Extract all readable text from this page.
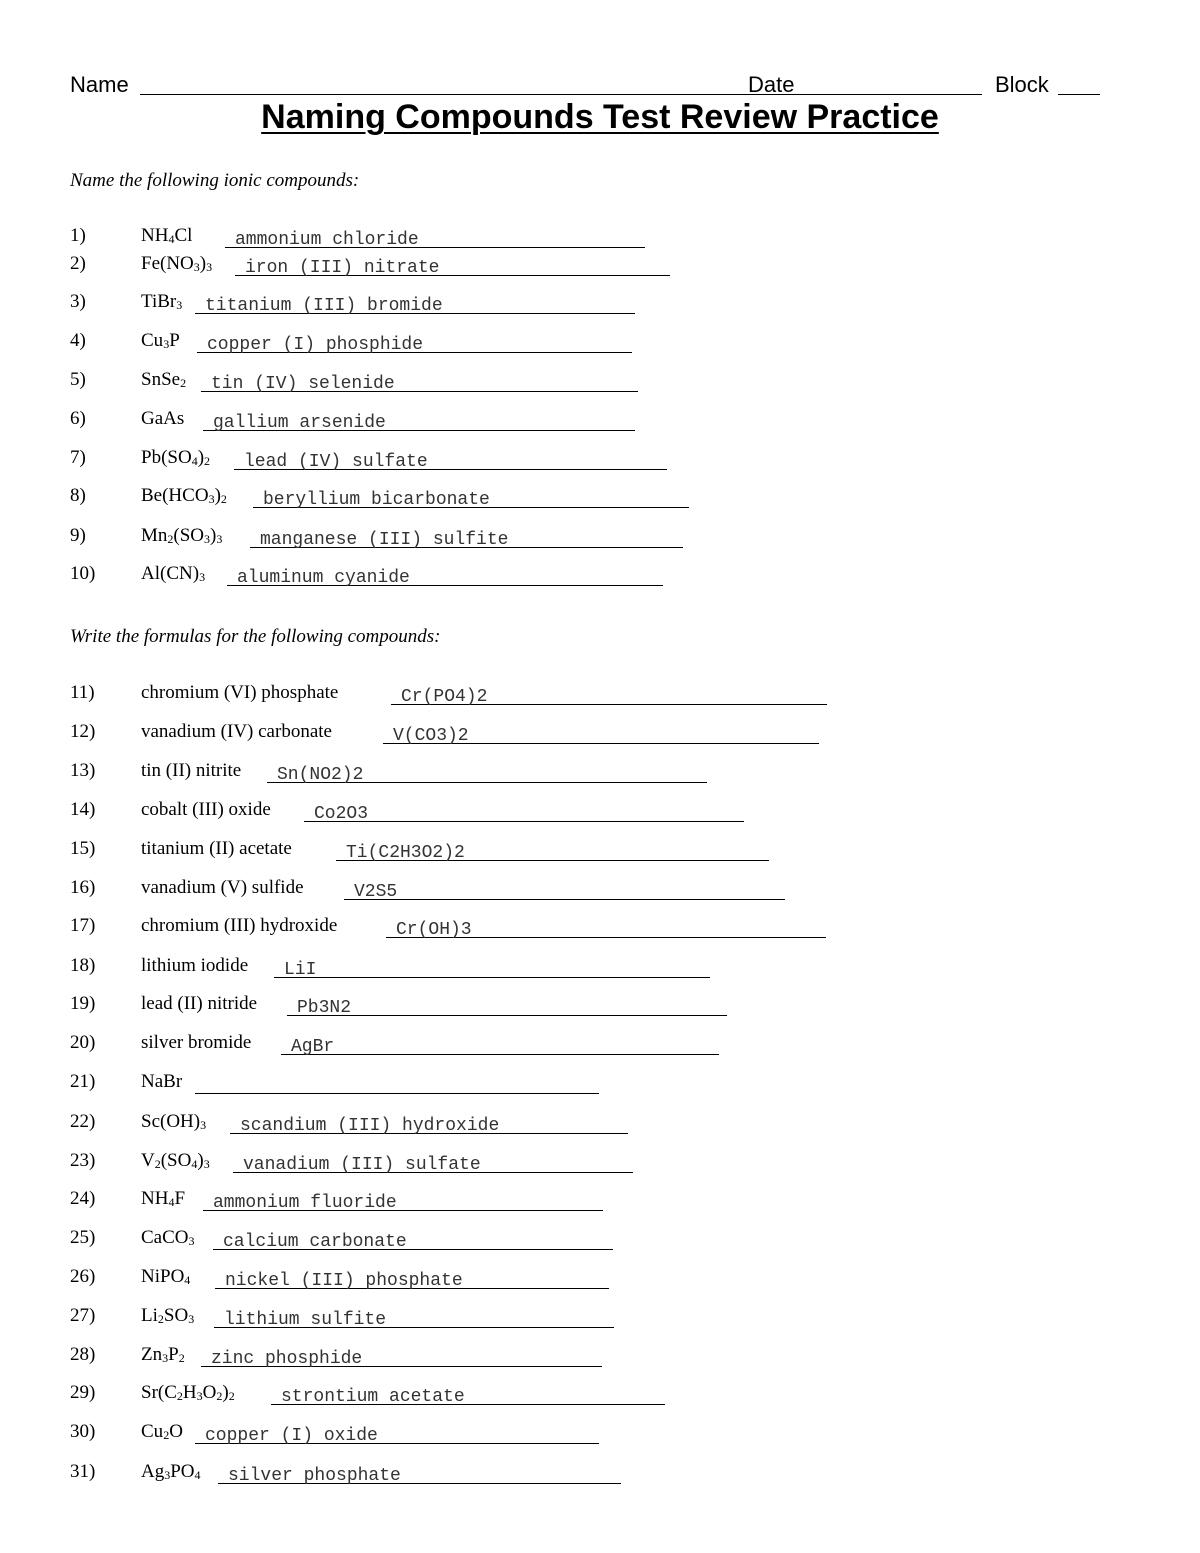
Name	Date	Block
Naming Compounds Test Review Practice
Name the following ionic compounds:
Write the formulas for the following compounds:
1)	$NH_4Cl$ ammonium chloride
2)	$Fe(NO_3)_3$ iron (III) nitrate
3)	TiBr$_3$ titanium (III) bromide
4)	$Cu_3P$ copper (I) phosphide
5)	SnSe$_2$ tin (IV) selenide
6)	GaAs gallium arsenide
7)	$Pb(SO_4)_2$ lead (IV) sulfate
8)	$Be(HCO_3)_2$ beryllium bicarbonate
9)	$Mn_2(SO_3)_3$ manganese (III) sulfite
10) $Al(CN)_3$ aluminum cyanide
11) chromium (VI) phosphate	Cr(PO4)2
12) vanadium (IV) carbonate	V(CO3)2
13) tin (II) nitrite Sn(NO2)2
14) cobalt (III) oxide Co2O3
15) titanium (II) acetate	Ti(C2H3O2)2
16) vanadium (V) sulfide	V2S5
17) chromium (III) hydroxide	Cr(OH)3
18) lithium iodide LiI
19) lead (II) nitride Pb3N2
20) silver bromide AgBr
21) NaBr
22) $Sc(OH)_3$ scandium (III) hydroxide
23) $V_2(SO_4)_3$ vanadium (III) sulfate
24) $NH_4F$ ammonium fluoride
25) CaCO$_3$ calcium carbonate
26) NiPO$_4$ nickel (III) phosphate
27) $Li_2SO_3$ lithium sulfite
28) $Zn_3P_2$ zinc phosphide
29) $Sr(C_2H_3O_2)_2$	strontium acetate
30) $Cu_2O$ copper (I) oxide
31) $Ag_3PO_4$ silver phosphate
